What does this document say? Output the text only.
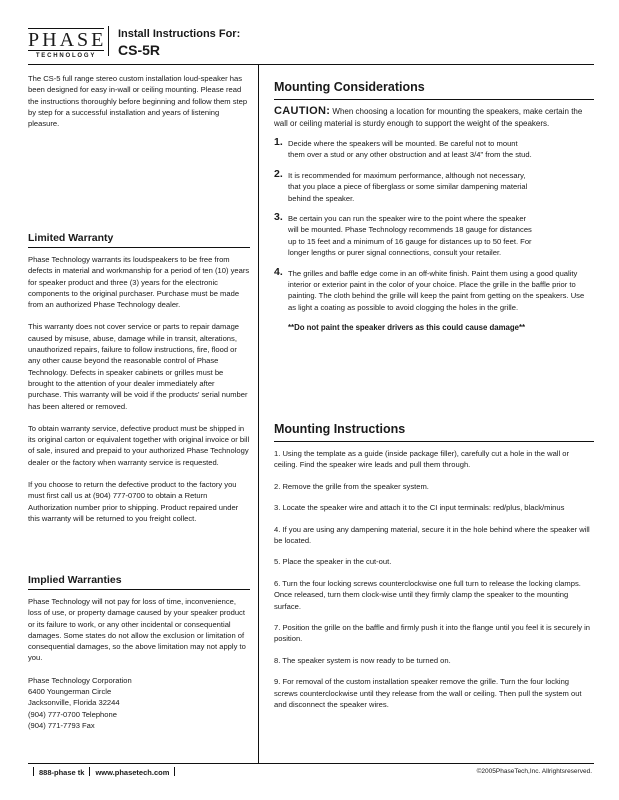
PHASE
TECHNOLOGY
Install Instructions For:
CS-5R

The CS-5 full range stereo custom installation loud-speaker has been designed for easy in-wall or ceiling mounting. Please read the instructions thoroughly before beginning and follow them step by step for a successful installation and years of listening pleasure.

Limited Warranty

Phase Technology warrants its loudspeakers to be free from defects in material and workmanship for a period of ten (10) years for speaker product and three (3) years for the electronic components to the original purchaser. Purchase must be made from an authorized Phase Technology dealer.

This warranty does not cover service or parts to repair damage caused by misuse, abuse, damage while in transit, alterations, unauthorized repairs, failure to follow instructions, fire, flood or any other cause beyond the reasonable control of Phase Technology. Defects in speaker cabinets or grilles must be brought to the attention of your dealer immediately after purchase. This warranty will be void if the products' serial number has been altered or removed.

To obtain warranty service, defective product must be shipped in its original carton or equivalent together with original invoice or bill of sale, insured and prepaid to your authorized Phase Technology dealer or the factory when warranty service is requested.

If you choose to return the defective product to the factory you must first call us at (904) 777-0700 to obtain a Return Authorization number prior to shipping. Product repaired under this warranty will be returned to you freight collect.

Implied Warranties

Phase Technology will not pay for loss of time, inconvenience, loss of use, or property damage caused by your speaker product or its failure to work, or any other incidental or consequential damages. Some states do not allow the exclusion or limitation of consequential damages, so the above limitation may not apply to you.

Phase Technology Corporation

6400 Youngerman Circle

Jacksonville, Florida 32244

(904) 777-0700 Telephone

(904) 771-7793 Fax

Mounting Considerations

CAUTION: When choosing a location for mounting the speakers, make certain the wall or ceiling material is sturdy enough to support the weight of the speakers.

1. Decide where the speakers will be mounted. Be careful not to mount them over a stud or any other obstruction and at least 3/4" from the stud.

2. It is recommended for maximum performance, although not necessary, that you place a piece of fiberglass or some similar dampening material behind the speaker.

3. Be certain you can run the speaker wire to the point where the speaker will be mounted. Phase Technology recommends 18 gauge for distances up to 15 feet and a minimum of 16 gauge for distances up to 50 feet. For longer lengths or purer signal connections, consult your retailer.

4. The grilles and baffle edge come in an off-white finish. Paint them using a good quality interior or exterior paint in the color of your choice. Place the grille in the baffle prior to painting. The cloth behind the grille will keep the paint from getting on the speakers. Use as light a coating as possible to avoid clogging the holes in the grille.

**Do not paint the speaker drivers as this could cause damage**

Mounting Instructions

1. Using the template as a guide (inside package filler), carefully cut a hole in the wall or ceiling. Find the speaker wire leads and pull them through.

2. Remove the grille from the speaker system.

3. Locate the speaker wire and attach it to the CI input terminals: red/plus, black/minus

4. If you are using any dampening material, secure it in the hole behind where the speaker will be located.

5. Place the speaker in the cut-out.

6. Turn the four locking screws counterclockwise one full turn to release the locking clamps. Once released, turn them clock-wise until they firmly clamp the speaker to the mounting surface.

7. Position the grille on the baffle and firmly push it into the flange until you feel it is securely in position.

8. The speaker system is now ready to be turned on.

9. For removal of the custom installation speaker remove the grille. Turn the four locking screws counterclockwise until they release from the wall or ceiling. Then pull the system out and disconnect the speaker wires.

888-phase tk www.phasetech.com	©2005PhaseTech,Inc. Allrightsreserved.
